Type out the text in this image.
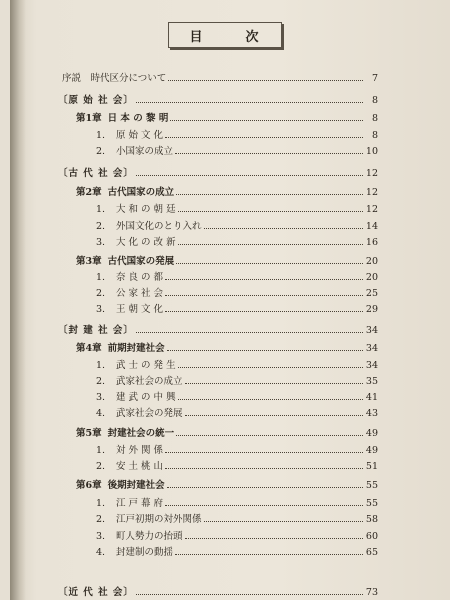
目	次
序説　時代区分について	7
〔原 始 社 会〕	8
第1章 日 本 の 黎 明	8
1.	原 始 文 化	8
2.	小国家の成立	10
〔古 代 社 会〕	12
第2章 古代国家の成立	12
1.	大 和 の 朝 廷	12
2.	外国文化のとり入れ	14
3.	大 化 の 改 新	16
第3章 古代国家の発展	20
1.	奈 良 の 都	20
2.	公 家 社 会	25
3.	王 朝 文 化	29
〔封 建 社 会〕	34
第4章 前期封建社会	34
1.	武 士 の 発 生	34
2.	武家社会の成立	35
3.	建 武 の 中 興	41
4.	武家社会の発展	43
第5章 封建社会の統一	49
1.	対 外 関 係	49
2.	安 土 桃 山	51
第6章 後期封建社会	55
1.	江 戸 幕 府	55
2.	江戸初期の対外関係	58
3.	町人勢力の抬頭	60
4.	封建制の動揺	65
〔近 代 社 会〕	73
